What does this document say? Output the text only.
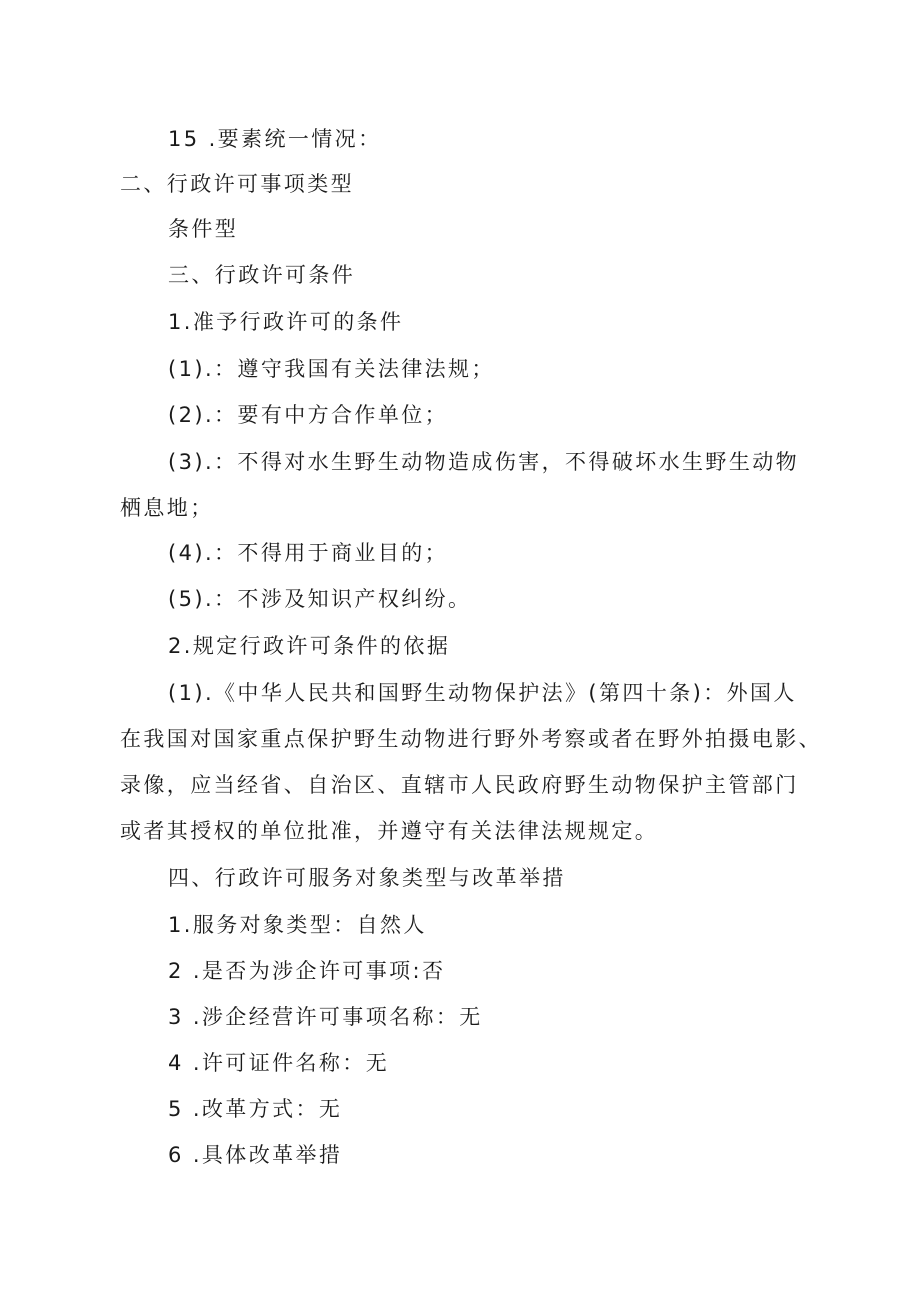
15 .要素统一情况：
二、行政许可事项类型
条件型
三、行政许可条件
1.准予行政许可的条件
(1).：遵守我国有关法律法规；
(2).：要有中方合作单位；
(3).：不得对水生野生动物造成伤害，不得破坏水生野生动物
栖息地；
(4).：不得用于商业目的；
(5).：不涉及知识产权纠纷。
2.规定行政许可条件的依据
(1).《中华人民共和国野生动物保护法》(第四十条)：外国人
在我国对国家重点保护野生动物进行野外考察或者在野外拍摄电影、
录像，应当经省、自治区、直辖市人民政府野生动物保护主管部门
或者其授权的单位批准，并遵守有关法律法规规定。
四、行政许可服务对象类型与改革举措
1.服务对象类型：自然人
2 .是否为涉企许可事项:否
3 .涉企经营许可事项名称：无
4 .许可证件名称：无
5 .改革方式：无
6 .具体改革举措
